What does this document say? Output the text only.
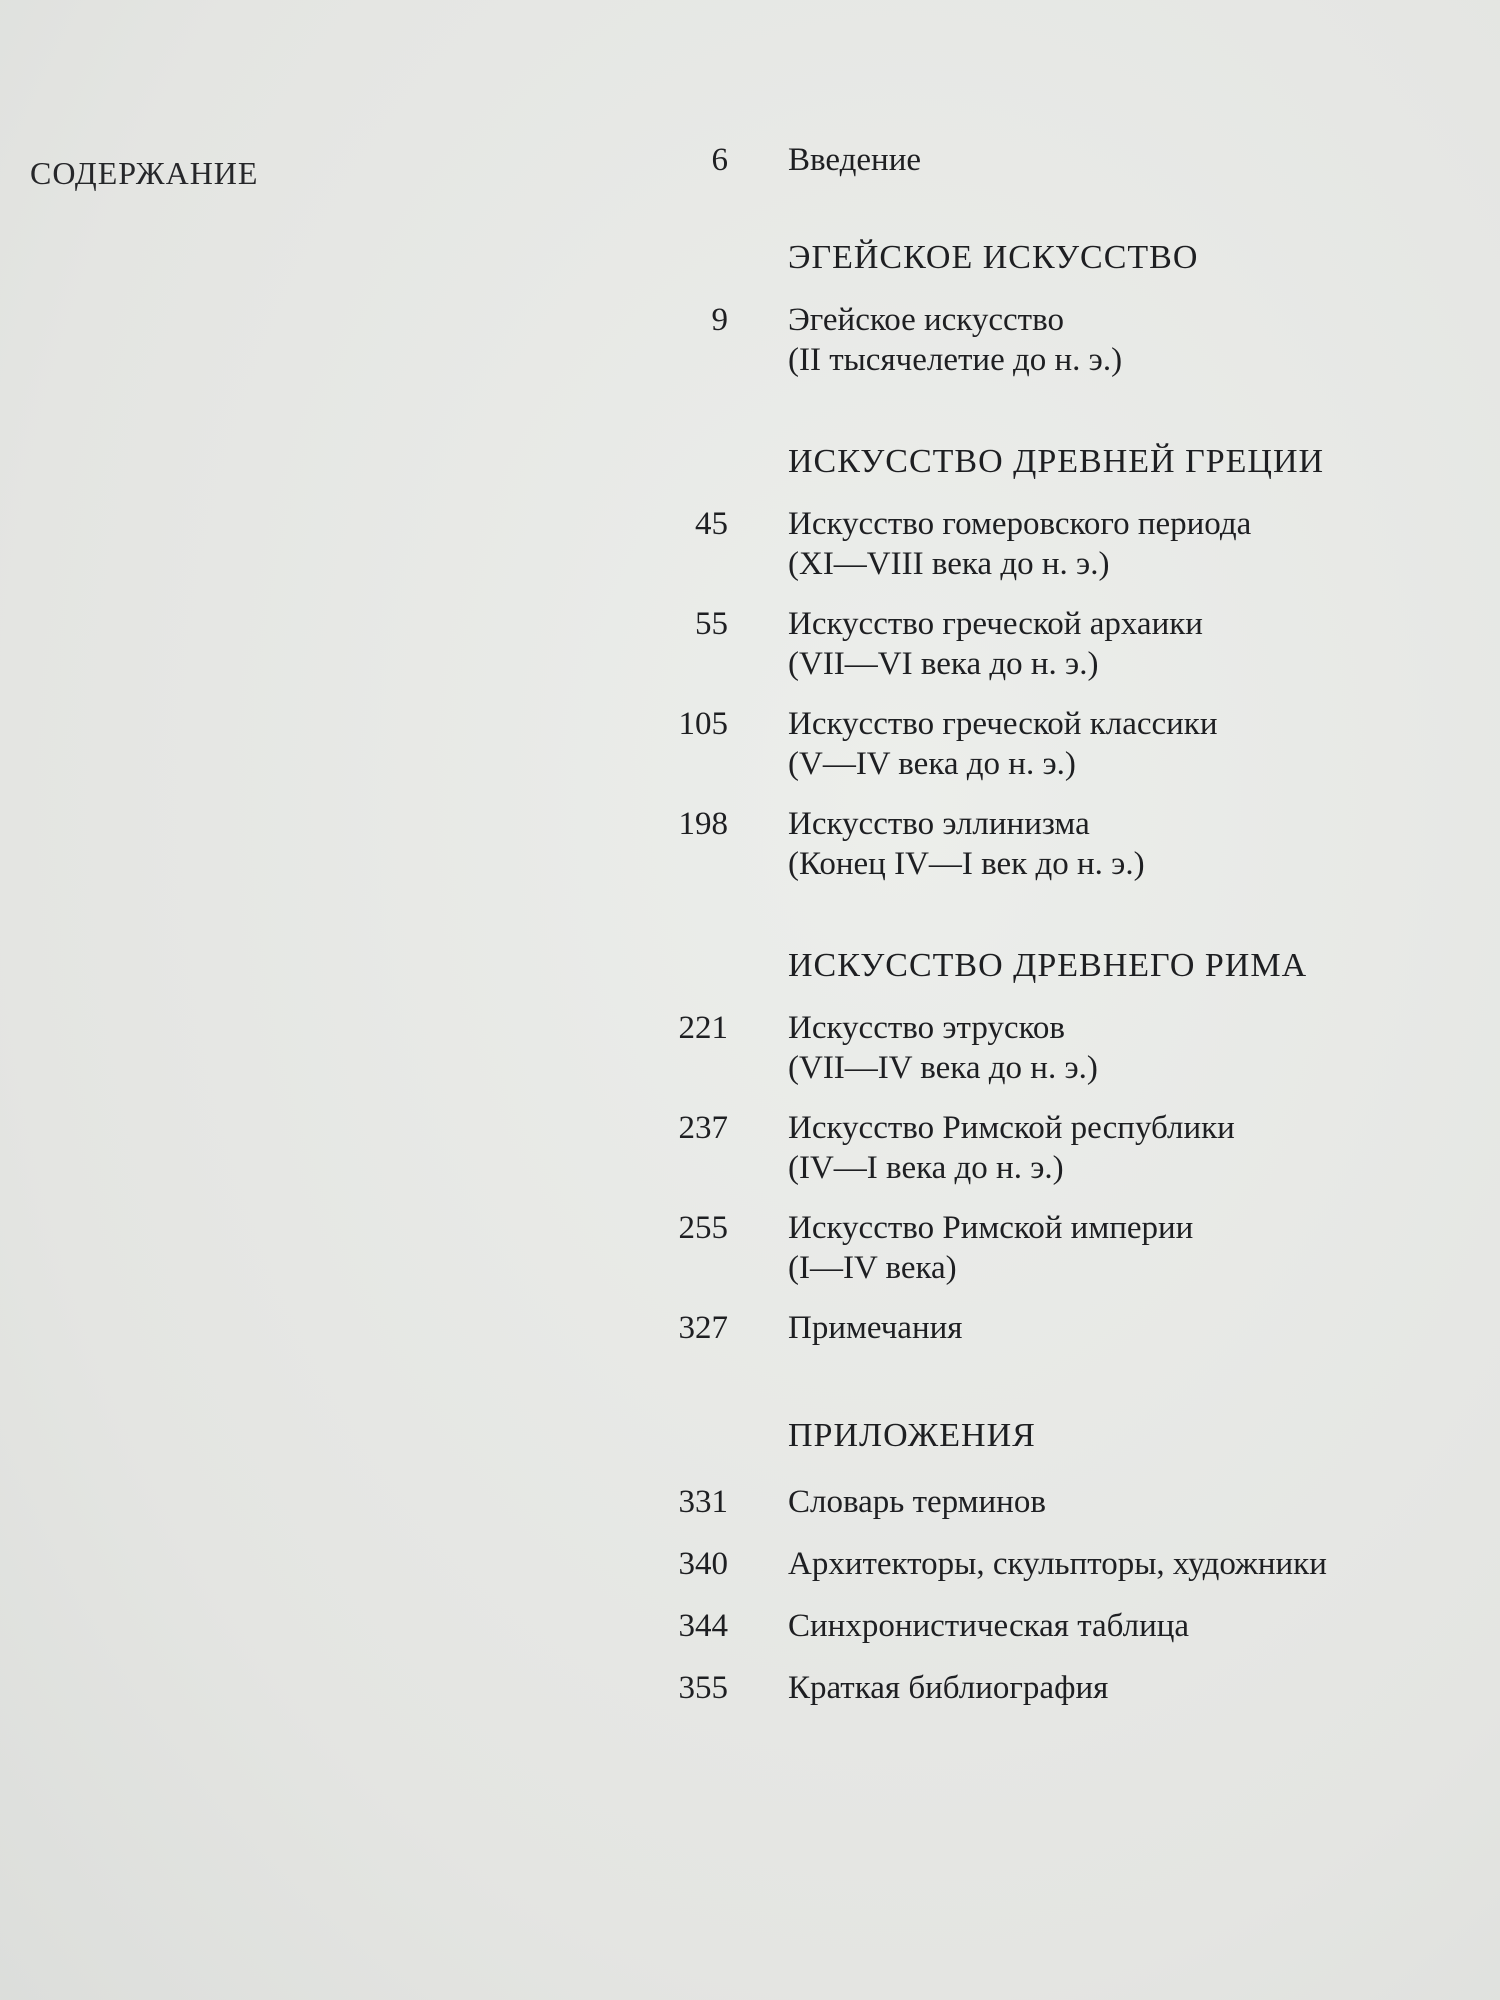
СОДЕРЖАНИЕ	6 Введение
ЭГЕЙСКОЕ ИСКУССТВО
9 Эгейское искусство
(II тысячелетие до н. э.)
ИСКУССТВО ДРЕВНЕЙ ГРЕЦИИ
45 Искусство гомеровского периода
(XI—VIII века до н. э.)
55 Искусство греческой архаики
(VII—VI века до н. э.)
105 Искусство греческой классики
(V—IV века до н. э.)
198 Искусство эллинизма
(Конец IV—I век до н. э.)
ИСКУССТВО ДРЕВНЕГО РИМА
221 Искусство этрусков
(VII—IV века до н. э.)
237 Искусство Римской республики
(IV—I века до н. э.)
255 Искусство Римской империи
(I—IV века)
327 Примечания
ПРИЛОЖЕНИЯ
331 Словарь терминов
340 Архитекторы, скульпторы, художники
344 Синхронистическая таблица
355 Краткая библиография
